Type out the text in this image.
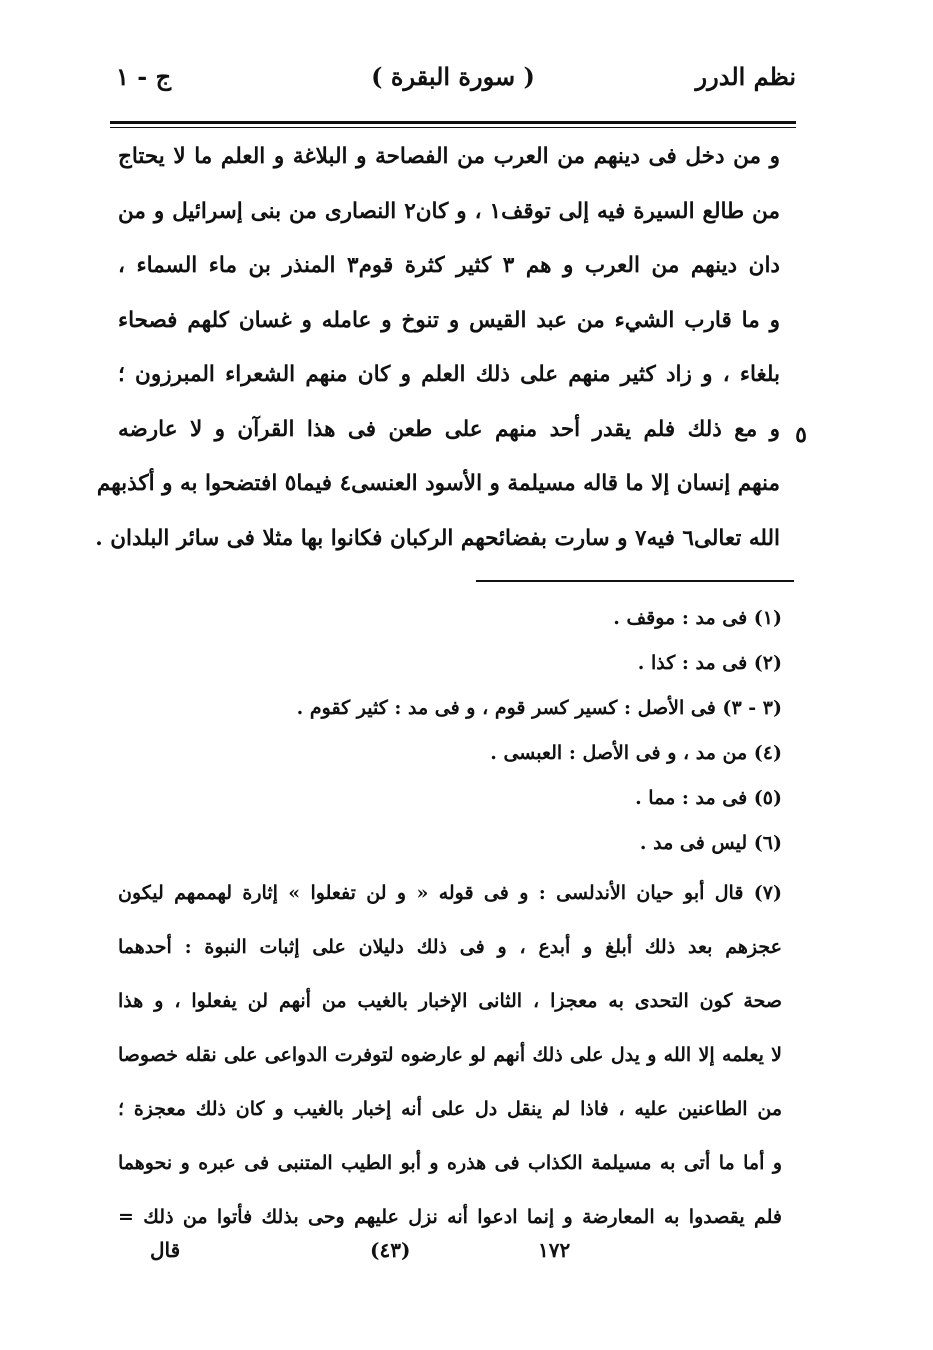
نظم الدرر
( سورة البقرة )
ج - ١
و من دخل فى دينهم من العرب من الفصاحة و البلاغة و العلم ما لا يحتاج
من طالع السيرة فيه إلى توقف١ ، و كان٢ النصارى من بنى إسرائيل و من
دان دينهم من العرب و هم ٣ كثير كثرة قوم٣ المنذر بن ماء السماء ،
و ما قارب الشيء من عبد القيس و تنوخ و عامله و غسان كلهم فصحاء
بلغاء ، و زاد كثير منهم على ذلك العلم و كان منهم الشعراء المبرزون ؛
و مع ذلك فلم يقدر أحد منهم على طعن فى هذا القرآن و لا عارضه
منهم إنسان إلا ما قاله مسيلمة و الأسود العنسى٤ فيما٥ افتضحوا به و أكذبهم
الله تعالى٦ فيه٧ و سارت بفضائحهم الركبان فكانوا بها مثلا فى سائر البلدان .
٥
(١) فى مد : موقف .
(٢) فى مد : كذا .
(٣ - ٣) فى الأصل : كسير كسر قوم ، و فى مد : كثير كقوم .
(٤) من مد ، و فى الأصل : العبسى .
(٥) فى مد : مما .
(٦) ليس فى مد .
(٧) قال أبو حيان الأندلسى : و فى قوله « و لن تفعلوا » إثارة لهممهم ليكون
عجزهم بعد ذلك أبلغ و أبدع ، و فى ذلك دليلان على إثبات النبوة : أحدهما
صحة كون التحدى به معجزا ، الثانى الإخبار بالغيب من أنهم لن يفعلوا ، و هذا
لا يعلمه إلا الله و يدل على ذلك أنهم لو عارضوه لتوفرت الدواعى على نقله خصوصا
من الطاعنين عليه ، فاذا لم ينقل دل على أنه إخبار بالغيب و كان ذلك معجزة ؛
و أما ما أتى به مسيلمة الكذاب فى هذره و أبو الطيب المتنبى فى عبره و نحوهما
فلم يقصدوا به المعارضة و إنما ادعوا أنه نزل عليهم وحى بذلك فأتوا من ذلك =
١٧٢
(٤٣)
قال
